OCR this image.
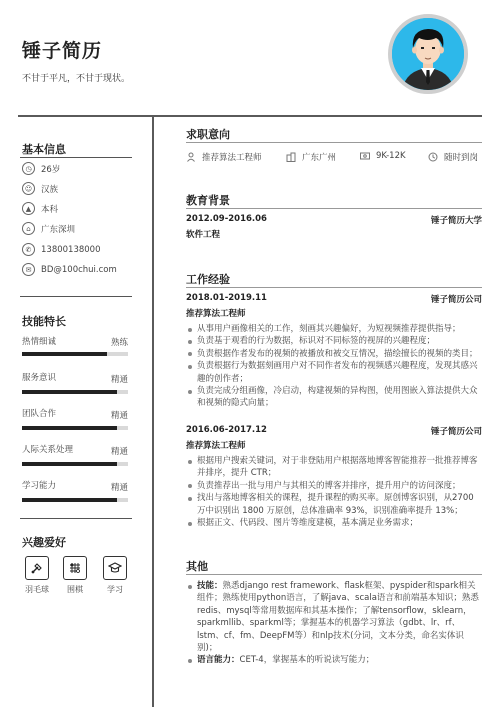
锤子简历
不甘于平凡，不甘于现状。
基本信息
◷	26岁
☺	汉族
▲	本科
⌂	广东深圳
✆	13800138000
✉	BD@100chui.com
技能特长
热情细诚	熟练
服务意识	精通
团队合作	精通
人际关系处理	精通
学习能力	精通
兴趣爱好
羽毛球	围棋	学习
求职意向
推荐算法工程师	广东广州	9K-12K	随时到岗
教育背景
2012.09-2016.06	锤子简历大学
软件工程
工作经验
2018.01-2019.11	锤子简历公司
推荐算法工程师
从事用户画像相关的工作，刻画其兴趣偏好，为短视频推荐提供指导；
负责基于观看的行为数据，标识对不同标签的视屏的兴趣程度；
负责根据作者发布的视频的被播放和被交互情况，描绘擅长的视频的类目；
负责根据行为数据刻画用户对不同作者发布的视频感兴趣程度，发现其感兴趣的创作者；
负责完成分组画像，冷启动，构建视频的异构图，使用图嵌入算法提供大众和视频的隐式向量；
2016.06-2017.12	锤子简历公司
推荐算法工程师
根据用户搜索关键词，对于非登陆用户根据落地博客智能推荐一批推荐博客并排序，提升 CTR；
负责推荐出一批与用户与其相关的博客并排序，提升用户的访问深度；
找出与落地博客相关的课程，提升课程的购买率。原创博客识别，从2700万中识别出 1800 万原创，总体准确率 93%，识别准确率提升 13%；
根据正文、代码段、图片等维度建模，基本满足业务需求；
其他
技能：熟悉django rest framework、flask框架、pyspider和spark相关组件；熟练使用python语言，了解java、scala语言和前端基本知识；熟悉redis、mysql等常用数据库和其基本操作；了解tensorflow，sklearn，sparkmllib、sparkml等；掌握基本的机器学习算法（gdbt、lr、rf、lstm、cf、fm、DeepFM等）和nlp技术(分词，文本分类，命名实体识别)；
语言能力：CET-4，掌握基本的听说读写能力；
